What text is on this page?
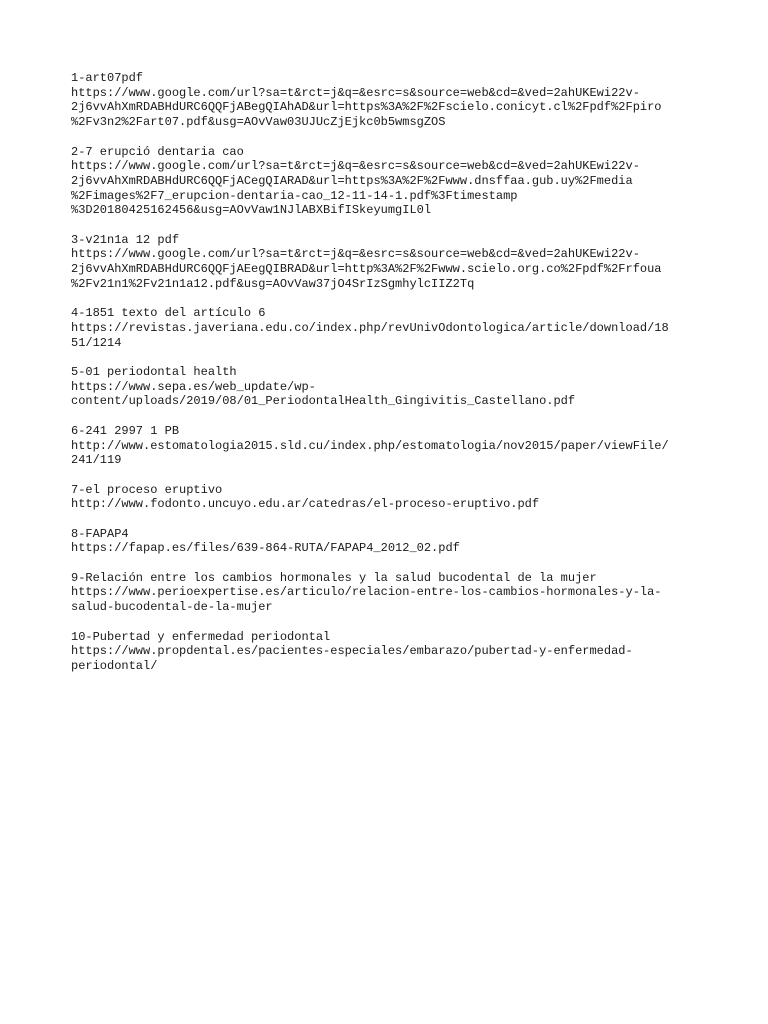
1-art07pdf
https://www.google.com/url?sa=t&rct=j&q=&esrc=s&source=web&cd=&ved=2ahUKEwi22v-
2j6vvAhXmRDABHdURC6QQFjABegQIAhAD&url=https%3A%2F%2Fscielo.conicyt.cl%2Fpdf%2Fpiro
%2Fv3n2%2Fart07.pdf&usg=AOvVaw03UJUcZjEjkc0b5wmsgZOS
2-7 erupció dentaria cao
https://www.google.com/url?sa=t&rct=j&q=&esrc=s&source=web&cd=&ved=2ahUKEwi22v-
2j6vvAhXmRDABHdURC6QQFjACegQIARAD&url=https%3A%2F%2Fwww.dnsffaa.gub.uy%2Fmedia
%2Fimages%2F7_erupcion-dentaria-cao_12-11-14-1.pdf%3Ftimestamp
%3D20180425162456&usg=AOvVaw1NJlABXBifISkeyumgIL0l
3-v21n1a 12 pdf
https://www.google.com/url?sa=t&rct=j&q=&esrc=s&source=web&cd=&ved=2ahUKEwi22v-
2j6vvAhXmRDABHdURC6QQFjAEegQIBRAD&url=http%3A%2F%2Fwww.scielo.org.co%2Fpdf%2Frfoua
%2Fv21n1%2Fv21n1a12.pdf&usg=AOvVaw37jO4SrIzSgmhylcIIZ2Tq
4-1851 texto del artículo 6
https://revistas.javeriana.edu.co/index.php/revUnivOdontologica/article/download/18
51/1214
5-01 periodontal health
https://www.sepa.es/web_update/wp-
content/uploads/2019/08/01_PeriodontalHealth_Gingivitis_Castellano.pdf
6-241 2997 1 PB
http://www.estomatologia2015.sld.cu/index.php/estomatologia/nov2015/paper/viewFile/
241/119
7-el proceso eruptivo
http://www.fodonto.uncuyo.edu.ar/catedras/el-proceso-eruptivo.pdf
8-FAPAP4
https://fapap.es/files/639-864-RUTA/FAPAP4_2012_02.pdf
9-Relación entre los cambios hormonales y la salud bucodental de la mujer
https://www.perioexpertise.es/articulo/relacion-entre-los-cambios-hormonales-y-la-
salud-bucodental-de-la-mujer
10-Pubertad y enfermedad periodontal
https://www.propdental.es/pacientes-especiales/embarazo/pubertad-y-enfermedad-
periodontal/
